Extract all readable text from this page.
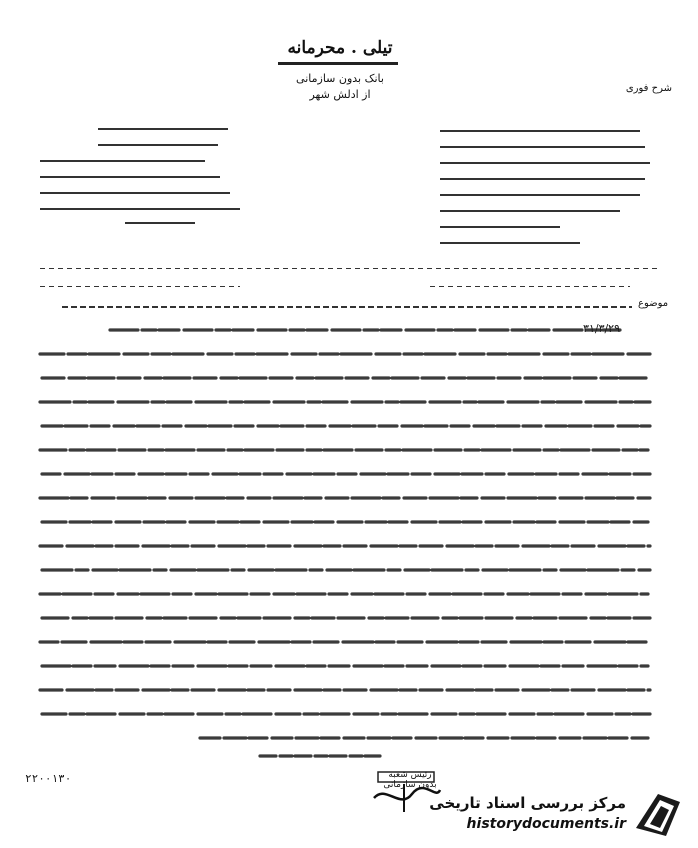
تیلی . محرمانه
بانک بدون سازمانی
از ادلش شهر	شرح فوری
موضوع
۳۱/۳/۲۹
رئیس شعبه بدون سازمانی
۲۲۰۰۱۳۰
مرکز بررسی اسناد تاریخی
historydocuments.ir
